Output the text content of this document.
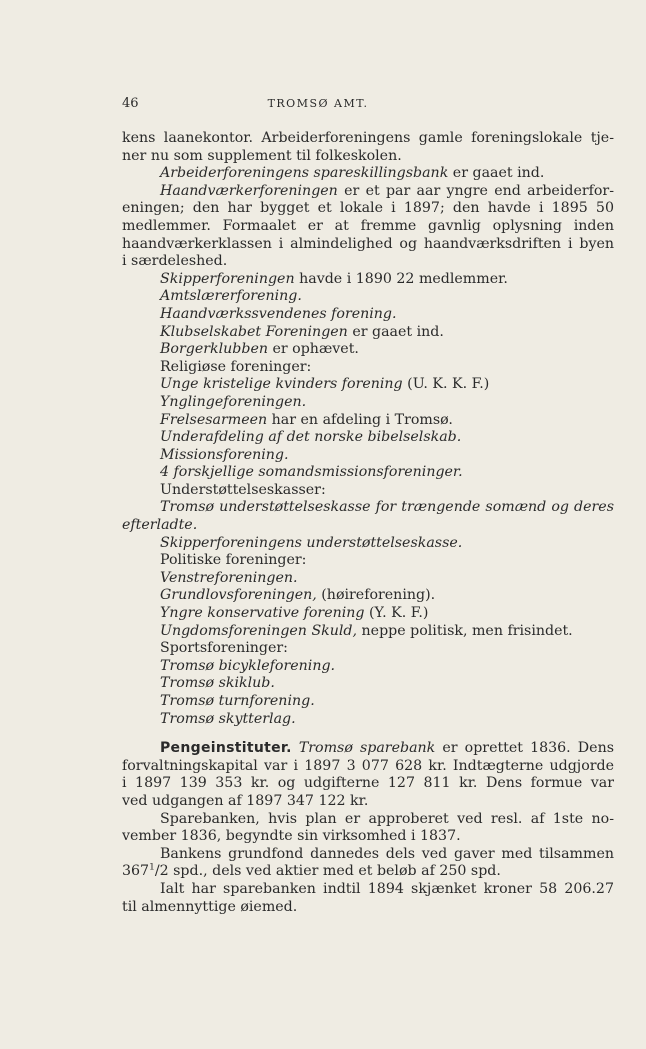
46	TROMSØ AMT.
kens laanekontor. Arbeiderforeningens gamle foreningslokale tje-
ner nu som supplement til folkeskolen.
Arbeiderforeningens spareskillingsbank er gaaet ind.
Haandværkerforeningen er et par aar yngre end arbeiderfor-
eningen; den har bygget et lokale i 1897; den havde i 1895 50
medlemmer. Formaalet er at fremme gavnlig oplysning inden
haandværkerklassen i almindelighed og haandværksdriften i byen
i særdeleshed.
Skipperforeningen havde i 1890 22 medlemmer.
Amtslærerforening.
Haandværkssvendenes forening.
Klubselskabet Foreningen er gaaet ind.
Borgerklubben er ophævet.
Religiøse foreninger:
Unge kristelige kvinders forening (U. K. K. F.)
Ynglingeforeningen.
Frelsesarmeen har en afdeling i Tromsø.
Underafdeling af det norske bibelselskab.
Missionsforening.
4 forskjellige somandsmissionsforeninger.
Understøttelseskasser:
Tromsø understøttelseskasse for trængende somænd og deres
efterladte.
Skipperforeningens understøttelseskasse.
Politiske foreninger:
Venstreforeningen.
Grundlovsforeningen, (høireforening).
Yngre konservative forening (Y. K. F.)
Ungdomsforeningen Skuld, neppe politisk, men frisindet.
Sportsforeninger:
Tromsø bicykleforening.
Tromsø skiklub.
Tromsø turnforening.
Tromsø skytterlag.
Pengeinstituter. Tromsø sparebank er oprettet 1836. Dens
forvaltningskapital var i 1897 3 077 628 kr. Indtægterne udgjorde
i 1897 139 353 kr. og udgifterne 127 811 kr. Dens formue var
ved udgangen af 1897 347 122 kr.
Sparebanken, hvis plan er approberet ved resl. af 1ste no-
vember 1836, begyndte sin virksomhed i 1837.
Bankens grundfond dannedes dels ved gaver med tilsammen
$367^1/2$ spd., dels ved aktier med et beløb af 250 spd.
Ialt har sparebanken indtil 1894 skjænket kroner 58 206.27
til almennyttige øiemed.
